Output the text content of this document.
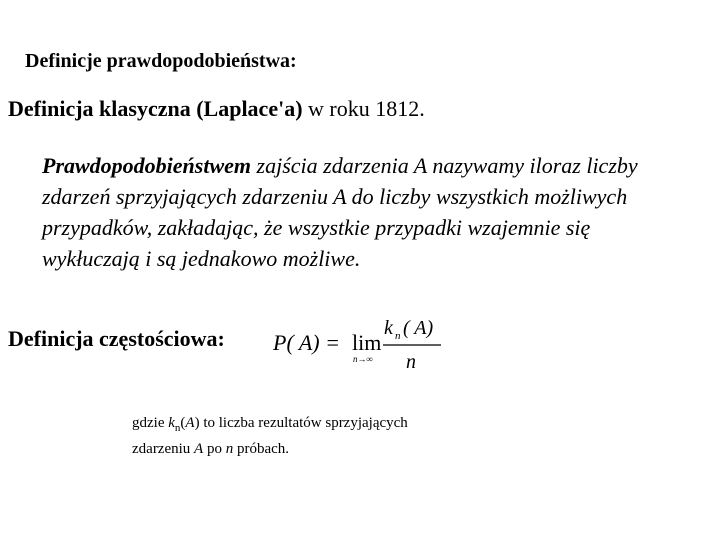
Definicje prawdopodobieństwa:
Definicja klasyczna (Laplace'a) w roku 1812.
Prawdopodobieństwem zajścia zdarzenia A nazywamy iloraz liczby
zdarzeń sprzyjających zdarzeniu A do liczby wszystkich możliwych
przypadków, zakładając, że wszystkie przypadki wzajemnie się
wykłuczają i są jednakowo możliwe.
Definicja częstościowa: P( A) = lim
n→∞
k n ( A)
n
gdzie $k_n(A)$ to liczba rezultatów sprzyjających
zdarzeniu A po n próbach.
